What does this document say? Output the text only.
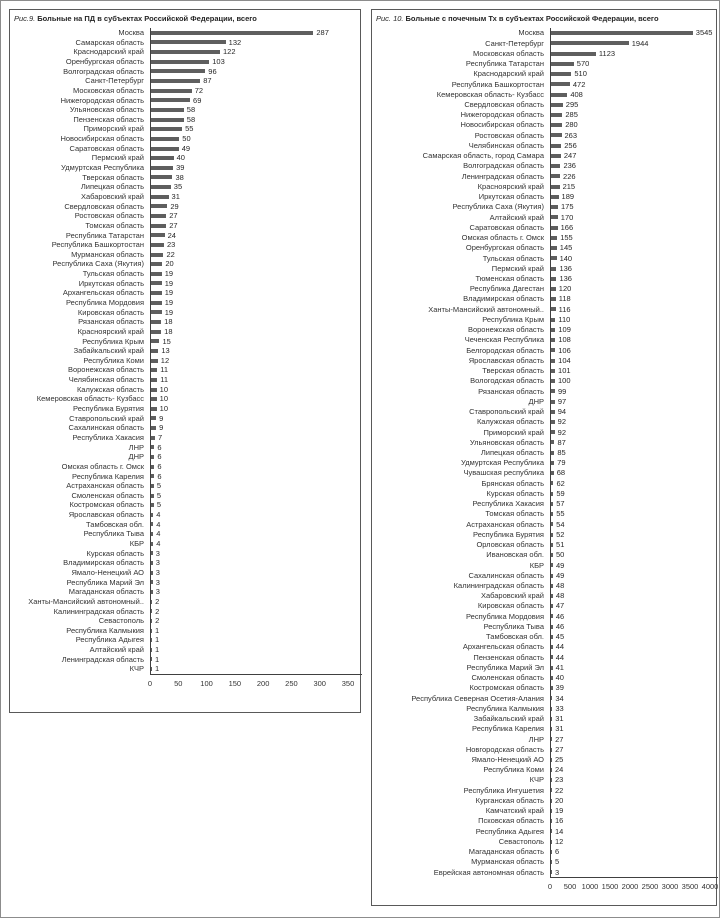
Рис.9. Больные на ПД в субъектах Российской Федерации, всего
Москва	287
Самарская область	132
Краснодарский край	122
Оренбургская область	103
Волгоградская область	96
Санкт-Петербург	87
Московская область	72
Нижегородская область	69
Ульяновская область	58
Пензенская область	58
Приморский край	55
Новосибирская область	50
Саратовская область	49
Пермский край	40
Удмуртская Республика	39
Тверская область	38
Липецкая область	35
Хабаровский край	31
Свердловская область	29
Ростовская область	27
Томская область	27
Республика Татарстан	24
Республика Башкортостан	23
Мурманская область	22
Республика Саха (Якутия)	20
Тульская область	19
Иркутская область	19
Архангельская область	19
Республика Мордовия	19
Кировская область	19
Рязанская область	18
Красноярский край	18
Республика Крым	15
Забайкальский край	13
Республика Коми	12
Воронежская область	11
Челябинская область	11
Калужская область	10
Кемеровская область- Кузбасс	10
Республика Бурятия	10
Ставропольский край	9
Сахалинская область	9
Республика Хакасия	7
ЛНР	6
ДНР	6
Омская область г. Омск	6
Республика Карелия	6
Астраханская область	5
Смоленская область	5
Костромская область	5
Ярославская область	4
Тамбовская обл.	4
Республика Тыва	4
КБР	4
Курская область	3
Владимирская область	3
Ямало-Ненецкий АО	3
Республика Марий Эл	3
Магаданская область	3
Ханты-Мансийский автономный..	2
Калининградская область	2
Севастополь	2
Республика Калмыкия	1
Республика Адыгея	1
Алтайский край	1
Ленинградская область	1
КЧР	1
0	50 100 150 200 250 300 350
Рис. 10. Больные с почечным Тх в субъектах Российской Федерации, всего
Москва	3545
Санкт-Петербург	1944
Московская область	1123
Республика Татарстан	570
Краснодарский край	510
Республика Башкортостан	472
Кемеровская область- Кузбасс	408
Свердловская область	295
Нижегородская область	285
Новосибирская область	280
Ростовская область	263
Челябинская область	256
Самарская область, город Самара	247
Волгоградская область	236
Ленинградская область	226
Красноярский край	215
Иркутская область	189
Республика Саха (Якутия)	175
Алтайский край	170
Саратовская область	166
Омская область г. Омск	155
Оренбургская область	145
Тульская область	140
Пермский край	136
Тюменская область	136
Республика Дагестан	120
Владимирская область	118
Ханты-Мансийский автономный..	116
Республика Крым	110
Воронежская область	109
Чеченская Республика	108
Белгородская область	106
Ярославская область	104
Тверская область	101
Вологодская область	100
Рязанская область	99
ДНР	97
Ставропольский край	94
Калужская область	92
Приморский край	92
Ульяновская область	87
Липецкая область	85
Удмуртская Республика	79
Чувашская республика	68
Брянская область	62
Курская область	59
Республика Хакасия	57
Томская область	55
Астраханская область	54
Республика Бурятия	52
Орловская область	51
Ивановская обл.	50
КБР	49
Сахалинская область	49
Калининградская область	48
Хабаровский край	48
Кировская область	47
Республика Мордовия	46
Республика Тыва	46
Тамбовская обл.	45
Архангельская область	44
Пензенская область	44
Республика Марий Эл	41
Смоленская область	40
Костромская область	39
Республика Северная Осетия-Алания	34
Республика Калмыкия	33
Забайкальский край	31
Республика Карелия	31
ЛНР	27
Новгородская область	27
Ямало-Ненецкий АО	25
Республика Коми	24
КЧР	23
Республика Ингушетия	22
Курганская область	20
Камчатский край	19
Псковская область	16
Республика Адыгея	14
Севастополь	12
Магаданская область	6
Мурманская область	5
Еврейская автономная область	3
0 500 1000 1500 2000 2500 3000 3500 4000
